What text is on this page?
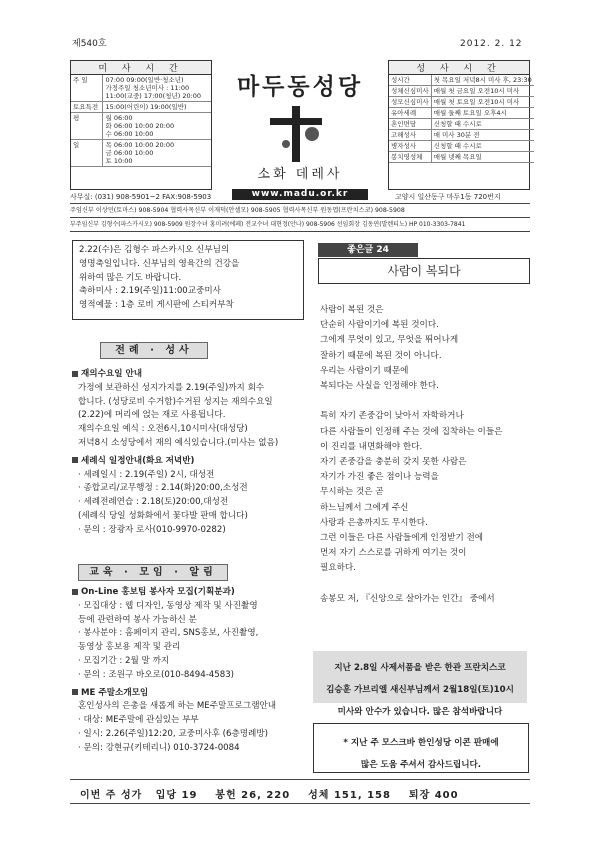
제540호	2012. 2. 12
미 사 시 간
주 일	07:00 09:00(일반·청소년)
가정주일 청소년미사 : 11:00
11:00(교중) 17:00(청년) 20:00
토요특전	15:00(어린이) 19:00(일반)
평	월 06:00
화 06:00 10:00 20:00
수 06:00 10:00
일	목 06:00 10:00 20:00
금 06:00 10:00
토 10:00
마두동성당
소화 데레사
www.madu.or.kr
성 사 시 간
성시간	첫 목요일 저녁8시 미사 후, 23:30
성체신심미사	매월 첫 금요일 오전10시 미사
성모신심미사	매월 첫 토요일 오전10시 미사
유아세례	매월 둘째 토요일 오후4시
혼인면담	신청할 때 수시로
고해성사	매 미사 30분 전
병자성사	신청할 때 수시로
봉치영성체	매월 넷째 목요일
사무실: (031) 908-5901~2 FAX:908-5903	고양시 일산동구 마두1동 720번지
주임신부 이상민(토마스) 908-5904 협력사목신부 이재덕(안셀모) 908-5905 협력사목신부 원동엽(프란치스코) 908-5908
부주임신부 김형수(파스카시오) 908-5909 원장수녀 홍미려(에페) 전교수녀 대현정(안나) 908-5906 선임회장 김동연(발렌티노) HP 010-3303-7841

2.22(수)은 김형수 파스카시오 신부님의

영명축일입니다. 신부님의 영육간의 건강을

위하여 많은 기도 바랍니다.

축하미사 : 2.19(주일)11:00교중미사

영적예물 : 1층 로비 게시판에 스티커부착

전례 · 성사

재의수요일 안내

가정에 보관하신 성지가지를 2.19(주일)까지 회수

합니다. (성당로비 수거함)수거된 성지는 재의수요일

(2.22)에 머리에 얹는 재로 사용됩니다.

재의수요일 예식 : 오전6시,10시미사(대성당)

저녁8시 소성당에서 재의 예식있습니다.(미사는 없음)

세례식 일정안내(화요 저녁반)

· 세례일시 : 2.19(주일) 2시, 대성전

· 종합교리/교무행정 : 2.14(화)20:00,소성전

· 세례전례연습 : 2.18(토)20:00,대성전

(세례식 당일 성화화에서 꽃다발 판매 합니다)

· 문의 : 장광자 로사(010-9970-0282)

교육 · 모임 · 알림

On-Line 홍보팀 봉사자 모집(기획분과)

· 모집대상 : 웹 디자인, 동영상 제작 및 사진촬영

등에 관련하여 봉사 가능하신 분

· 봉사분야 : 홈페이지 관리, SNS홍보, 사진촬영,

동영상 홍보용 제작 및 관리

· 모집기간 : 2월 말 까지

· 문의 : 조원구 바오로(010-8494-4583)

ME 주말소개모임

혼인성사의 은총을 새롭게 하는 ME주말프로그램안내

· 대상: ME주말에 관심있는 부부

· 일시: 2.26(주일)12:20, 교중미사후 (6층명례방)

· 문의: 강현규(키테리니) 010-3724-0084

좋은글 24
사람이 복되다

사람이 복된 것은

단순히 사람이기에 복된 것이다.

그에게 무엇이 있고, 무엇을 뛰어나게

잘하기 때문에 복된 것이 아니다.

우리는 사람이기 때문에

복되다는 사실을 인정해야 한다.

특히 자기 존중감이 낮아서 자학하거나

다른 사람들이 인정해 주는 것에 집착하는 이들은

이 진리를 내면화해야 한다.

자기 존중감을 충분히 갖지 못한 사람은

자기가 가진 좋은 점이나 능력을

무시하는 것은 곧

하느님께서 그에게 주신

사랑과 은총까지도 무시한다.

그런 이들은 다른 사람들에게 인정받기 전에

먼저 자기 스스로를 귀하게 여기는 것이

필요하다.

송봉모 저, 『신앙으로 살아가는 인간』 중에서

지난 2.8일 사제서품을 받은 한관 프란치스코

김승훈 가브리엘 새신부님께서 2월18일(토)10시

미사와 안수가 있습니다. 많은 참석바랍니다

* 지난 주 모스크바 한인성당 이콘 판매에

많은 도움 주셔서 감사드립니다.

이번 주 성가   입당 19    봉헌 26, 220    성체 151, 158    퇴장 400
